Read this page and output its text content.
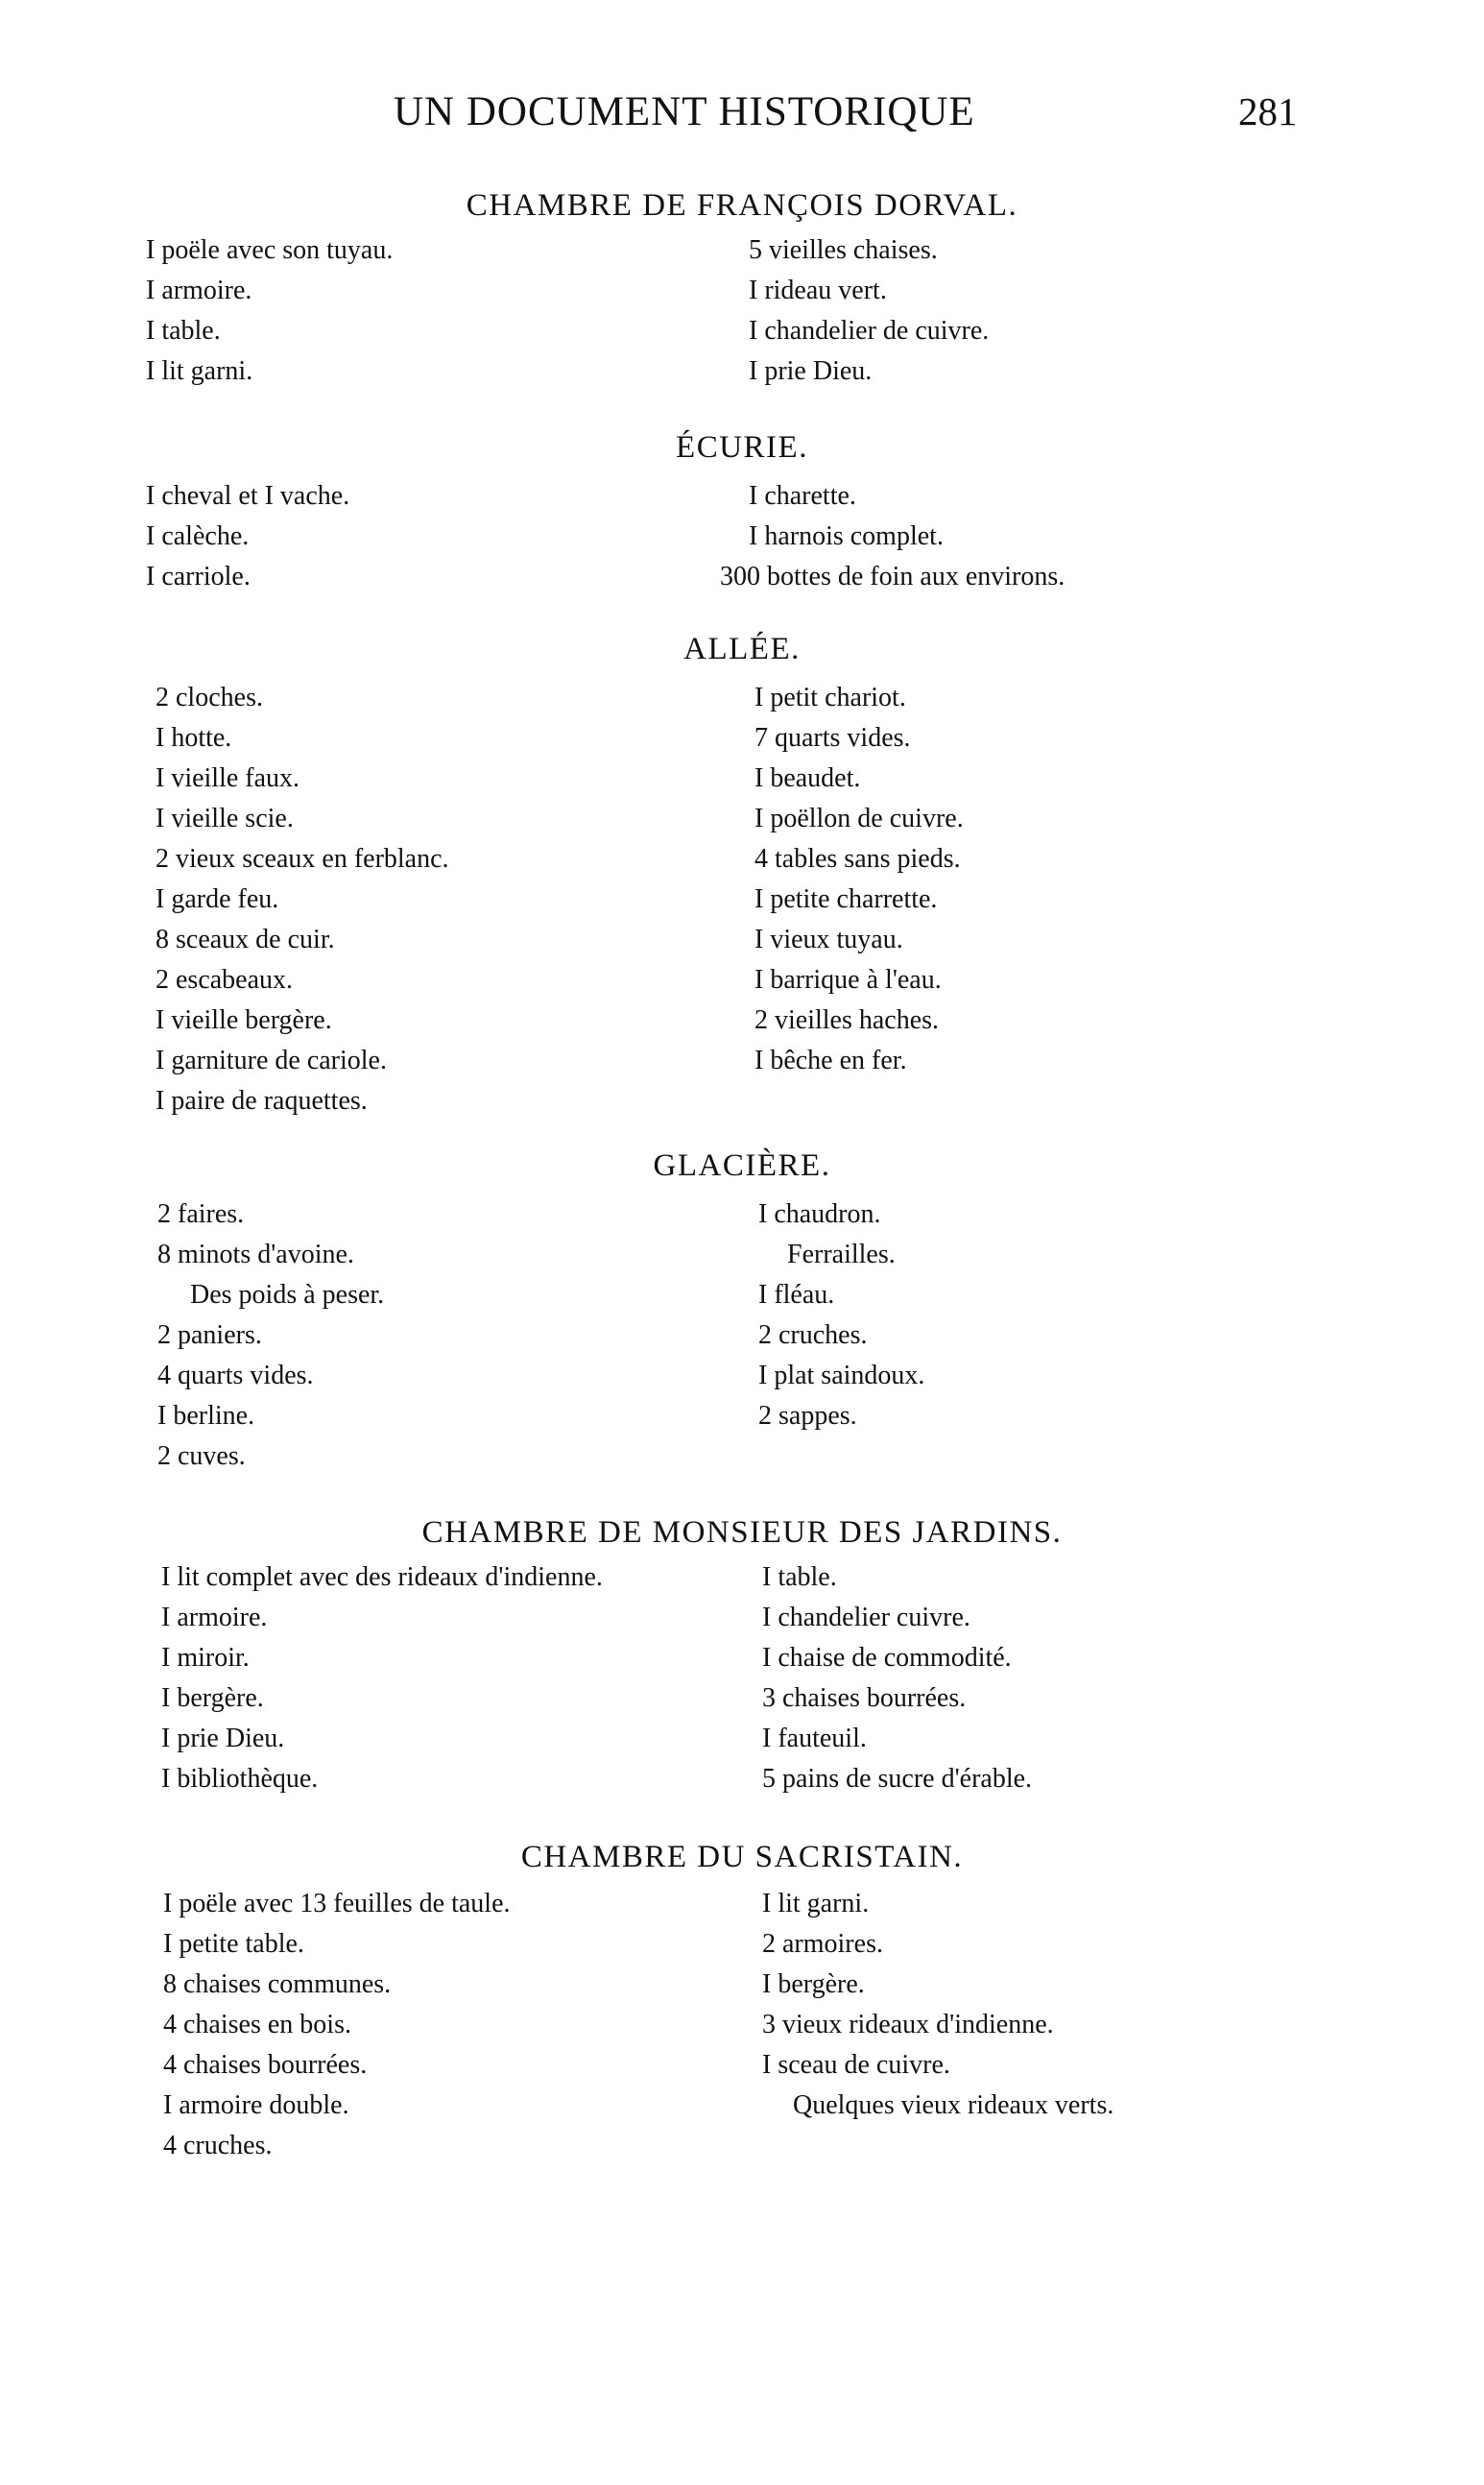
UN DOCUMENT HISTORIQUE	281
CHAMBRE DE FRANÇOIS DORVAL.
I poële avec son tuyau.
I armoire.
I table.
I lit garni.
5 vieilles chaises.
I rideau vert.
I chandelier de cuivre.
I prie Dieu.
ÉCURIE.
I cheval et I vache.
I calèche.
I carriole.
I charette.
I harnois complet.
300 bottes de foin aux environs.
ALLÉE.
2 cloches.
I hotte.
I vieille faux.
I vieille scie.
2 vieux sceaux en ferblanc.
I garde feu.
8 sceaux de cuir.
2 escabeaux.
I vieille bergère.
I garniture de cariole.
I paire de raquettes.
I petit chariot.
7 quarts vides.
I beaudet.
I poëllon de cuivre.
4 tables sans pieds.
I petite charrette.
I vieux tuyau.
I barrique à l'eau.
2 vieilles haches.
I bêche en fer.
GLACIÈRE.
2 faires.
8 minots d'avoine.
Des poids à peser.
2 paniers.
4 quarts vides.
I berline.
2 cuves.
I chaudron.
Ferrailles.
I fléau.
2 cruches.
I plat saindoux.
2 sappes.
CHAMBRE DE MONSIEUR DES JARDINS.
I lit complet avec des rideaux d'indienne.
I armoire.
I miroir.
I bergère.
I prie Dieu.
I bibliothèque.
I table.
I chandelier cuivre.
I chaise de commodité.
3 chaises bourrées.
I fauteuil.
5 pains de sucre d'érable.
CHAMBRE DU SACRISTAIN.
I poële avec 13 feuilles de taule.
I petite table.
8 chaises communes.
4 chaises en bois.
4 chaises bourrées.
I armoire double.
4 cruches.
I lit garni.
2 armoires.
I bergère.
3 vieux rideaux d'indienne.
I sceau de cuivre.
Quelques vieux rideaux verts.
